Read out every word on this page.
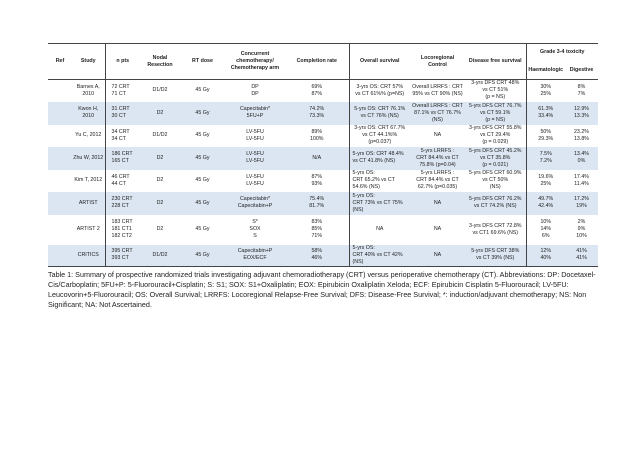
Ref	Study	n pts	Nodal
Resection	RT dose	Concurrent
chemotherapy/
Chemotherapy arm	Completion rate	Overall survival	Locoregional
Control	Disease free survival	Grade 3-4 toxicity	
										Haematologic	Digestive
	Barnes A,
2010	72 CRT
71 CT	D1/D2	45 Gy	DP
DP	69%
87%	3-yrs OS: CRT 57%
vs CT 61%% (p=NS)	Overall LRRFS : CRT
95% vs CT 90% (NS)	3-yrs DFS CRT 48%
vs CT 51%
(p = NS)	30%
25%	8%
7%
	Kwon H,
2010	31 CRT
30 CT	D2	45 Gy	Capecitabin*
5FU+P	74.2%
73.3%	5-yrs OS: CRT 76.1%
vs CT 76% (NS)	Overall LRRFS : CRT
87.1% vs CT 76.7%
(NS)	5-yrs DFS CRT 76.7%
vs CT 59.1%
(p = NS)	61.3%
33.4%	12.9%
13.3%
	Yu C, 2012	34 CRT
34 CT	D1/D2	45 Gy	LV-5FU
LV-5FU	89%
100%	3-yrs OS: CRT 67.7%
vs CT 44.1%%
(p=0.037)	NA	3-yrs DFS CRT 55.8%
vs CT 29.4%
(p = 0.029)	50%
29.3%	23.2%
13.8%
	Zhu W, 2012	186 CRT
165 CT	D2	45 Gy	LV-5FU
LV-5FU	N/A	5-yrs OS: CRT 48.4%
vs CT 41.8% (NS)	5-yrs LRRFS :
CRT 84.4% vs CT
75.8% (p=0.04)	5-yrs DFS CRT 45.2%
vs CT 35.8%
(p = 0.021)	7.5%
7.2%	13.4%
0%
	Kim T, 2012	46 CRT
44 CT	D2	45 Gy	LV-5FU
LV-5FU	87%
93%	5-yrs OS:
CRT 65.2% vs CT
54.6% (NS)	5-yrs LRRFS :
CRT 84.4% vs CT
62.7% (p=0.035)	5-yrs DFS CRT 60.9%
vs CT 50%
(NS)	19.6%
25%	17.4%
11.4%
	ARTIST	230 CRT
228 CT	D2	45 Gy	Capecitabin*
Capecitabin+P	75.4%
81.7%	5-yrs OS:
CRT 73% vs CT 75%
(NS)	NA	5-yrs DFS CRT 76.2%
vs CT 74.2% (NS)	49.7%
42.4%	17.2%
19%
	ARTIST 2	183 CRT
181 CT1
182 CT2	D2	45 Gy	S*
SOX
S	83%
85%
71%	NA	NA	3-yrs DFS CRT 72.8%
vs CT1 69.6% (NS)	10%
14%
6%	2%
9%
10%
	CRITICS	395 CRT
393 CT	D1/D2	45 Gy	Capecitabin+P
EOX/ECF	58%
46%	5-yrs OS:
CRT 40% vs CT 42%
(NS)	NA	5-yrs DFS CRT 38%
vs CT 39% (NS)	12%
40%	41%
41%
Table 1: Summary of prospective randomized trials investigating adjuvant chemoradiotherapy (CRT) versus perioperative chemotherapy (CT). Abbreviations: DP: Docetaxel-Cis/Carboplatin; 5FU+P: 5-Fluorouracil+Cisplatin; S: S1; SOX: S1+Oxaliplatin; EOX: Epirubicin Oxaliplatin Xeloda; ECF: Epirubicin Cisplatin 5-Fluorouracil; LV-5FU: Leucovorin+5-Fluorouracil; OS: Overall Survival; LRRFS: Locoregional Relapse-Free Survival; DFS: Disease-Free Survival; *: induction/adjuvant chemotherapy; NS: Non Significant; NA: Not Ascertained.
